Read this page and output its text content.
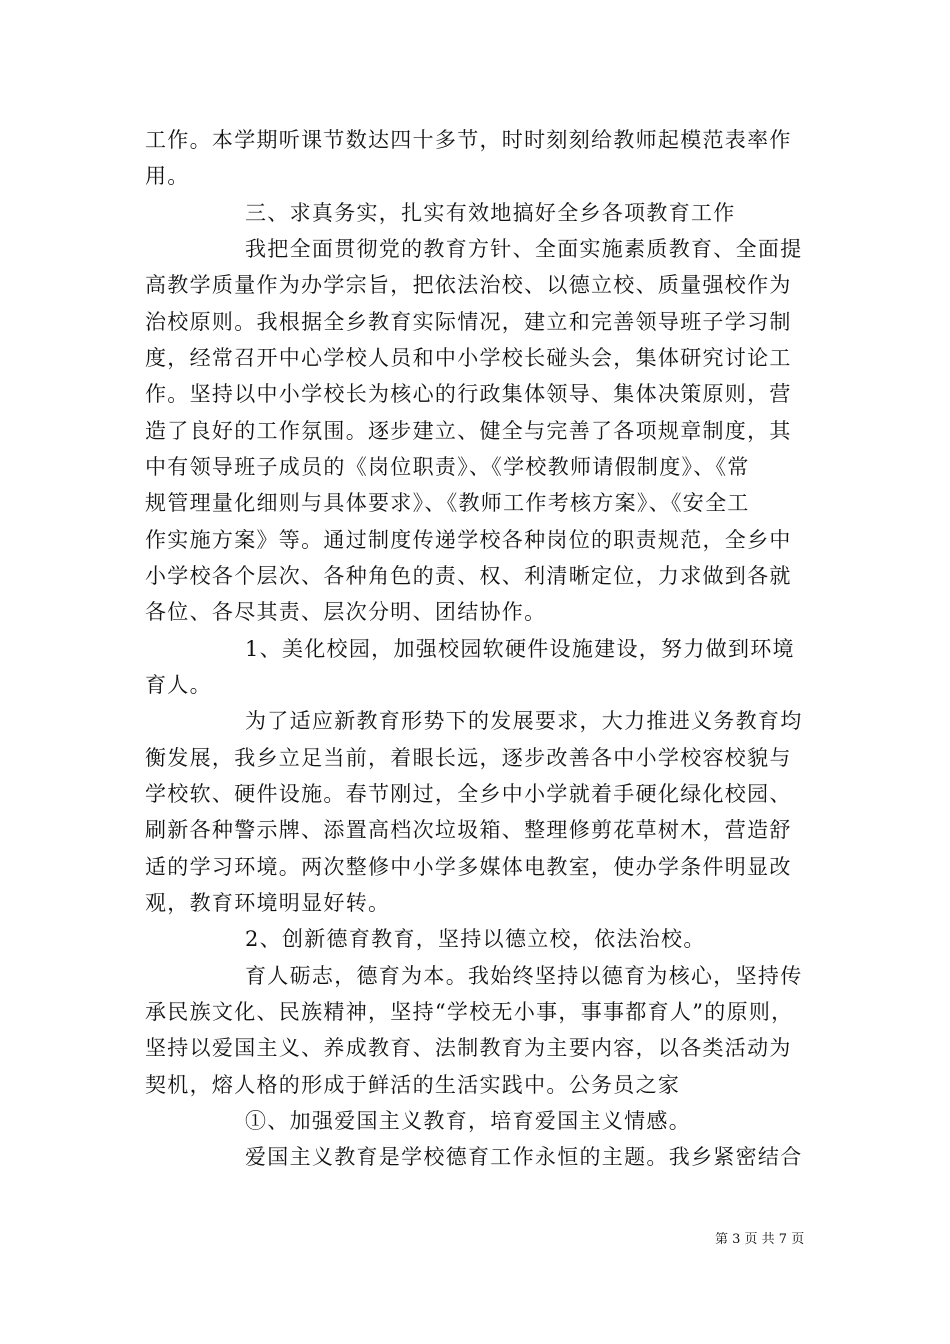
工作。本学期听课节数达四十多节，时时刻刻给教师起模范表率作
用。
三、求真务实，扎实有效地搞好全乡各项教育工作
我把全面贯彻党的教育方针、全面实施素质教育、全面提
高教学质量作为办学宗旨，把依法治校、以德立校、质量强校作为
治校原则。我根据全乡教育实际情况，建立和完善领导班子学习制
度，经常召开中心学校人员和中小学校长碰头会，集体研究讨论工
作。坚持以中小学校长为核心的行政集体领导、集体决策原则，营
造了良好的工作氛围。逐步建立、健全与完善了各项规章制度，其
中有领导班子成员的《岗位职责》、《学校教师请假制度》、《常
规管理量化细则与具体要求》、《教师工作考核方案》、《安全工
作实施方案》等。通过制度传递学校各种岗位的职责规范，全乡中
小学校各个层次、各种角色的责、权、利清晰定位，力求做到各就
各位、各尽其责、层次分明、团结协作。
1、美化校园，加强校园软硬件设施建设，努力做到环境
育人。
为了适应新教育形势下的发展要求，大力推进义务教育均
衡发展，我乡立足当前，着眼长远，逐步改善各中小学校容校貌与
学校软、硬件设施。春节刚过，全乡中小学就着手硬化绿化校园、
刷新各种警示牌、添置高档次垃圾箱、整理修剪花草树木，营造舒
适的学习环境。两次整修中小学多媒体电教室，使办学条件明显改
观，教育环境明显好转。
2、创新德育教育，坚持以德立校，依法治校。
育人砺志，德育为本。我始终坚持以德育为核心，坚持传
承民族文化、民族精神，坚持“学校无小事，事事都育人”的原则，
坚持以爱国主义、养成教育、法制教育为主要内容，以各类活动为
契机，熔人格的形成于鲜活的生活实践中。公务员之家
①、加强爱国主义教育，培育爱国主义情感。
爱国主义教育是学校德育工作永恒的主题。我乡紧密结合
第 3 页 共 7 页
